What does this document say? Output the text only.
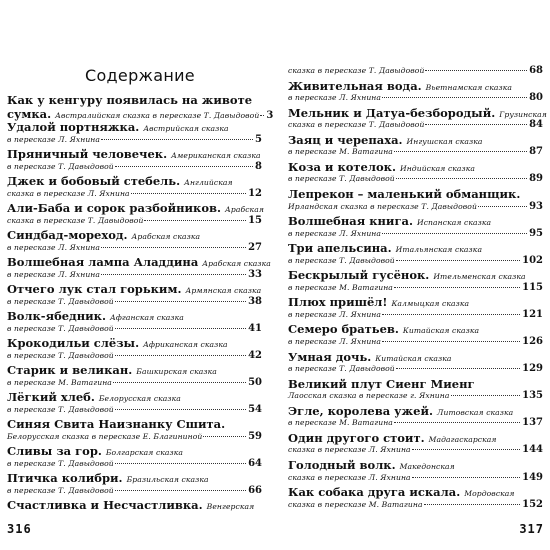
Содержание
Как у кенгуру появилась на животе
сумка. Австралийская сказка в пересказе Т. Давыдовой 3
Удалой портняжка. Австрийская сказка
в пересказе Л. Яхнина	5
Пряничный человечек. Американская сказка
в пересказе Т. Давыдовой	8
Джек и бобовый стебель. Английская
сказка в пересказе Л. Яхнина	12
Али-Баба и сорок разбойников. Арабская
сказка в пересказе Т. Давыдовой	15
Синдбад-мореход. Арабская сказка
в пересказе Л. Яхнина	27
Волшебная лампа Аладдина Арабская сказка
в пересказе Л. Яхнина	33
Отчего лук стал горьким. Армянская сказка
в пересказе Т. Давыдовой	38
Волк-ябедник. Афганская сказка
в пересказе Т. Давыдовой	41
Крокодильи слёзы. Африканская сказка
в пересказе Т. Давыдовой	42
Старик и великан. Башкирская сказка
в пересказе М. Ватагина	50
Лёгкий хлеб. Белорусская сказка
в пересказе Т. Давыдовой	54
Синяя Свита Наизнанку Сшита.
Белорусская сказка в пересказе Е. Благининой	59
Сливы за гор. Болгарская сказка
в пересказе Т. Давыдовой	64
Птичка колибри. Бразильская сказка
в пересказе Т. Давыдовой	66
Счастливка и Несчастливка. Венгерская
сказка в пересказе Т. Давыдовой	68
Живительная вода. Вьетнамская сказка
в пересказе Л. Яхнина	80
Мельник и Датуа-безбородый. Грузинская
сказка в пересказе Т. Давыдовой	84
Заяц и черепаха. Ингушская сказка
в пересказе М. Ватагина	87
Коза и котелок. Индийская сказка
в пересказе Т. Давыдовой	89
Лепрекон – маленький обманщик.
Ирландская сказка в пересказе Т. Давыдовой	93
Волшебная книга. Испанская сказка
в пересказе Л. Яхнина	95
Три апельсина. Итальянская сказка
в пересказе Т. Давыдовой	102
Бескрылый гусёнок. Ительменская сказка
в пересказе М. Ватагина	115
Плюх пришёл! Калмыцкая сказка
в пересказе Л. Яхнина	121
Семеро братьев. Китайская сказка
в пересказе Л. Яхнина	126
Умная дочь. Китайская сказка
в пересказе Т. Давыдовой	129
Великий плут Сиенг Миенг
Лаосская сказка в пересказе г. Яхнина	135
Эгле, королева ужей. Литовская сказка
в пересказе М. Ватагина	137
Один другого стоит. Мадагаскарская
сказка в пересказе Л. Яхнина	144
Голодный волк. Македонская
сказка в пересказе Л. Яхнина	149
Как собака друга искала. Мордовская
сказка в пересказе М. Ватагина	152
316	317
